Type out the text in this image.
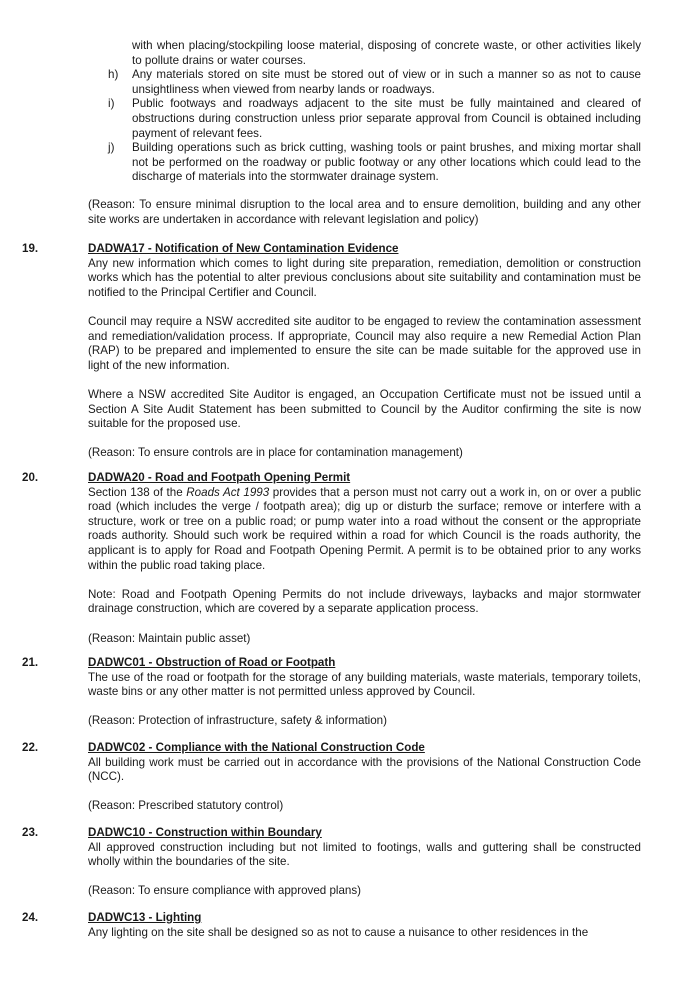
with when placing/stockpiling loose material, disposing of concrete waste, or other activities likely to pollute drains or water courses.
h) Any materials stored on site must be stored out of view or in such a manner so as not to cause unsightliness when viewed from nearby lands or roadways.
i) Public footways and roadways adjacent to the site must be fully maintained and cleared of obstructions during construction unless prior separate approval from Council is obtained including payment of relevant fees.
j) Building operations such as brick cutting, washing tools or paint brushes, and mixing mortar shall not be performed on the roadway or public footway or any other locations which could lead to the discharge of materials into the stormwater drainage system.

(Reason: To ensure minimal disruption to the local area and to ensure demolition, building and any other site works are undertaken in accordance with relevant legislation and policy)

19.	DADWA17 - Notification of New Contamination Evidence

Any new information which comes to light during site preparation, remediation, demolition or construction works which has the potential to alter previous conclusions about site suitability and contamination must be notified to the Principal Certifier and Council.

Council may require a NSW accredited site auditor to be engaged to review the contamination assessment and remediation/validation process. If appropriate, Council may also require a new Remedial Action Plan (RAP) to be prepared and implemented to ensure the site can be made suitable for the approved use in light of the new information.

Where a NSW accredited Site Auditor is engaged, an Occupation Certificate must not be issued until a Section A Site Audit Statement has been submitted to Council by the Auditor confirming the site is now suitable for the proposed use.

(Reason: To ensure controls are in place for contamination management)

20.	DADWA20 - Road and Footpath Opening Permit

Section 138 of the Roads Act 1993 provides that a person must not carry out a work in, on or over a public road (which includes the verge / footpath area); dig up or disturb the surface; remove or interfere with a structure, work or tree on a public road; or pump water into a road without the consent or the appropriate roads authority. Should such work be required within a road for which Council is the roads authority, the applicant is to apply for Road and Footpath Opening Permit. A permit is to be obtained prior to any works within the public road taking place.

Note: Road and Footpath Opening Permits do not include driveways, laybacks and major stormwater drainage construction, which are covered by a separate application process.

(Reason: Maintain public asset)

21.	DADWC01 - Obstruction of Road or Footpath

The use of the road or footpath for the storage of any building materials, waste materials, temporary toilets, waste bins or any other matter is not permitted unless approved by Council.

(Reason: Protection of infrastructure, safety & information)

22.	DADWC02 - Compliance with the National Construction Code

All building work must be carried out in accordance with the provisions of the National Construction Code (NCC).

(Reason: Prescribed statutory control)

23.	DADWC10 - Construction within Boundary

All approved construction including but not limited to footings, walls and guttering shall be constructed wholly within the boundaries of the site.

(Reason: To ensure compliance with approved plans)

24.	DADWC13 - Lighting

Any lighting on the site shall be designed so as not to cause a nuisance to other residences in the
